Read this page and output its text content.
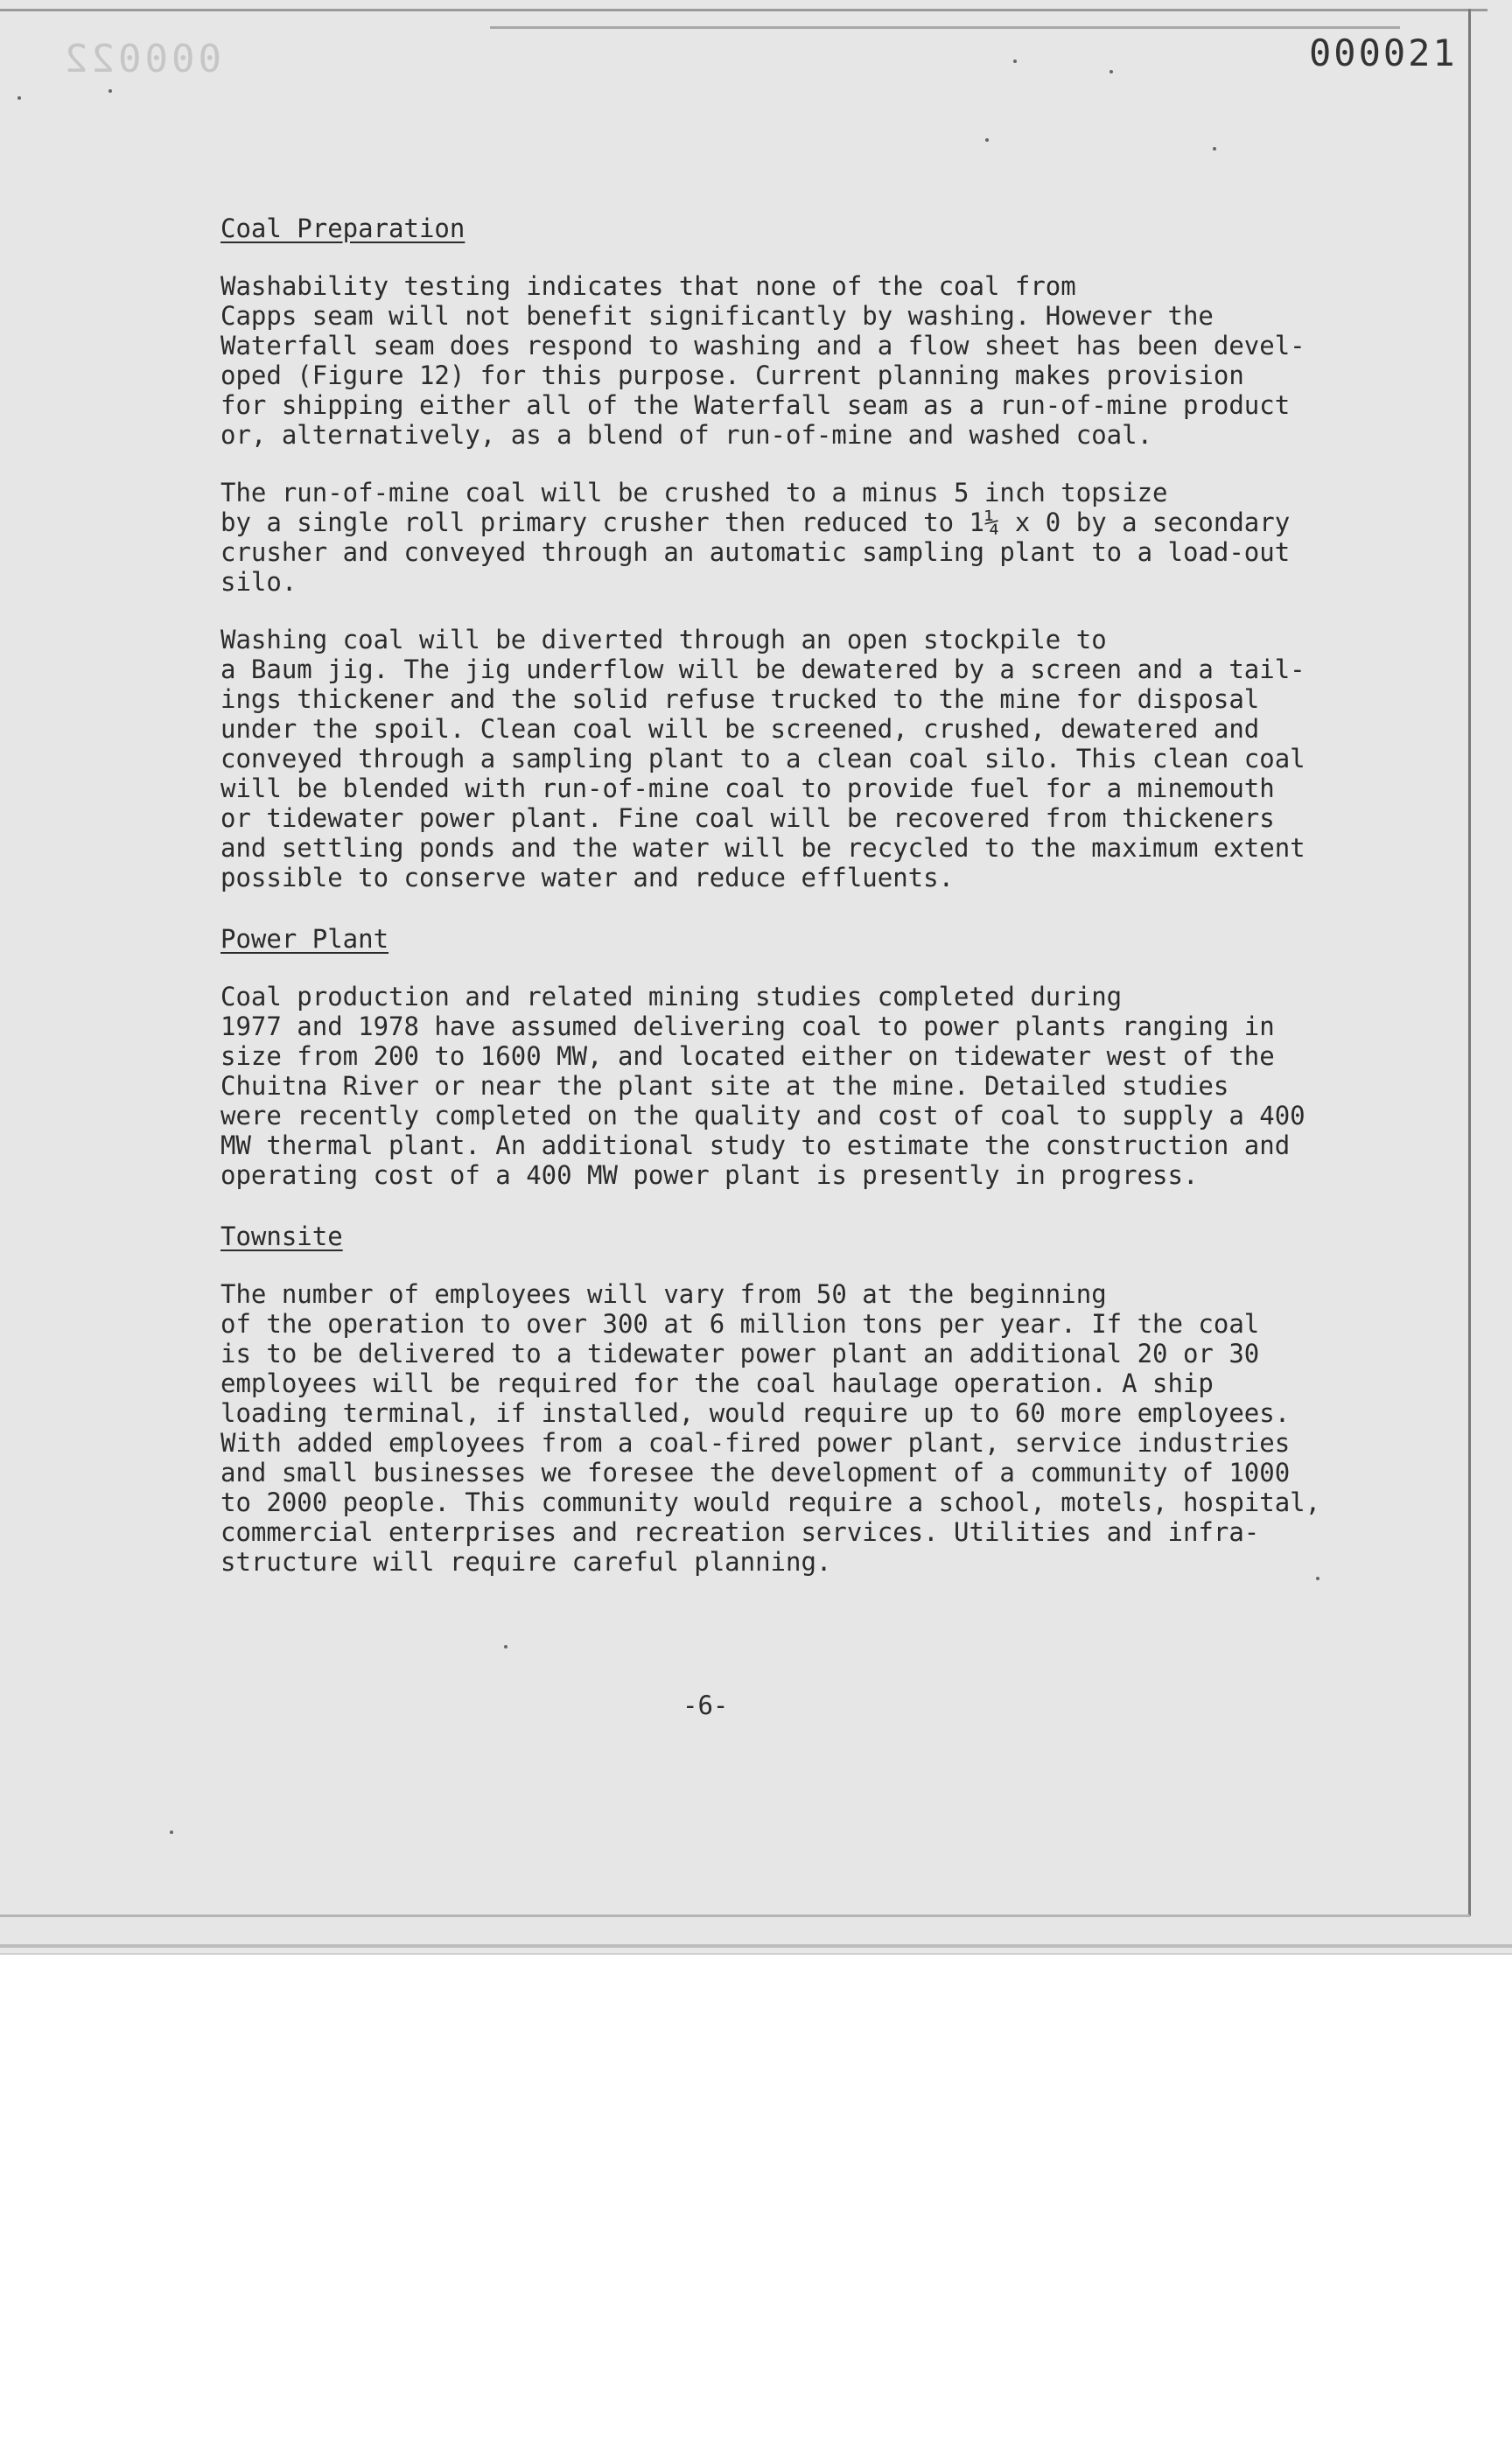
000022	000021
Coal Preparation

Washability testing indicates that none of the coal from
Capps seam will not benefit significantly by washing. However the
Waterfall seam does respond to washing and a flow sheet has been devel-
oped (Figure 12) for this purpose. Current planning makes provision
for shipping either all of the Waterfall seam as a run-of-mine product
or, alternatively, as a blend of run-of-mine and washed coal.

The run-of-mine coal will be crushed to a minus 5 inch topsize
by a single roll primary crusher then reduced to 1¼ x 0 by a secondary
crusher and conveyed through an automatic sampling plant to a load-out
silo.

Washing coal will be diverted through an open stockpile to
a Baum jig. The jig underflow will be dewatered by a screen and a tail-
ings thickener and the solid refuse trucked to the mine for disposal
under the spoil. Clean coal will be screened, crushed, dewatered and
conveyed through a sampling plant to a clean coal silo. This clean coal
will be blended with run-of-mine coal to provide fuel for a minemouth
or tidewater power plant. Fine coal will be recovered from thickeners
and settling ponds and the water will be recycled to the maximum extent
possible to conserve water and reduce effluents.

Power Plant

Coal production and related mining studies completed during
1977 and 1978 have assumed delivering coal to power plants ranging in
size from 200 to 1600 MW, and located either on tidewater west of the
Chuitna River or near the plant site at the mine. Detailed studies
were recently completed on the quality and cost of coal to supply a 400
MW thermal plant. An additional study to estimate the construction and
operating cost of a 400 MW power plant is presently in progress.

Townsite

The number of employees will vary from 50 at the beginning
of the operation to over 300 at 6 million tons per year. If the coal
is to be delivered to a tidewater power plant an additional 20 or 30
employees will be required for the coal haulage operation. A ship
loading terminal, if installed, would require up to 60 more employees.
With added employees from a coal-fired power plant, service industries
and small businesses we foresee the development of a community of 1000
to 2000 people. This community would require a school, motels, hospital,
commercial enterprises and recreation services. Utilities and infra-
structure will require careful planning.

-6-
